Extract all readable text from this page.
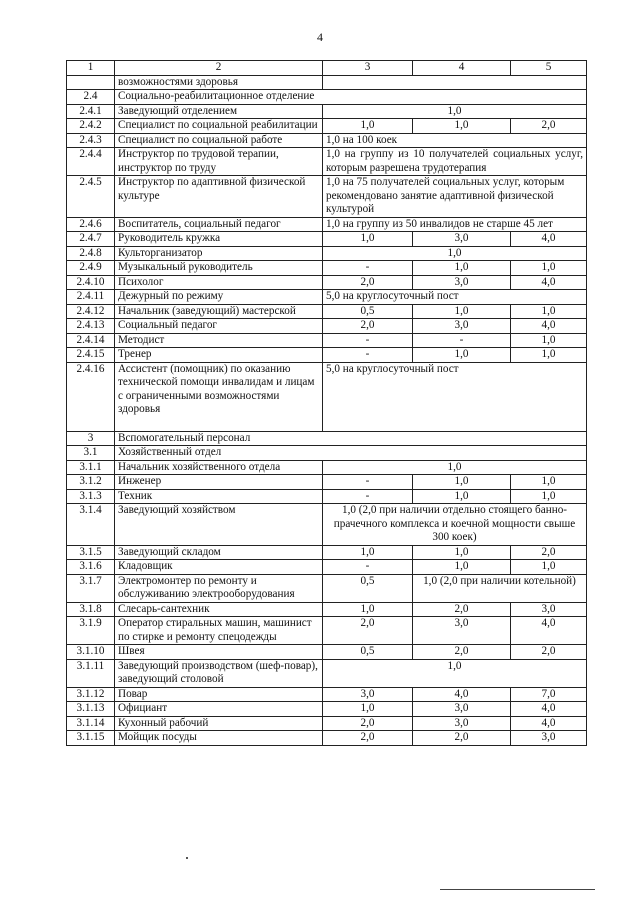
4
1	2	3	4	5
	возможностями здоровья			
2.4	Социально-реабилитационное отделение			
2.4.1	Заведующий отделением	1,0		
2.4.2	Специалист по социальной реабилитации	1,0	1,0	2,0
2.4.3	Специалист по социальной работе	1,0 на 100 коек		
2.4.4	Инструктор по трудовой терапии, инструктор по труду	1,0 на группу из 10 получателей социальных услуг, которым разрешена трудотерапия		
2.4.5	Инструктор по адаптивной физической культуре	1,0 на 75 получателей социальных услуг, которым рекомендовано занятие адаптивной физической культурой		
2.4.6	Воспитатель, социальный педагог	1,0 на группу из 50 инвалидов не старше 45 лет		
2.4.7	Руководитель кружка	1,0	3,0	4,0
2.4.8	Культорганизатор	1,0		
2.4.9	Музыкальный руководитель	-	1,0	1,0
2.4.10	Психолог	2,0	3,0	4,0
2.4.11	Дежурный по режиму	5,0 на круглосуточный пост		
2.4.12	Начальник (заведующий) мастерской	0,5	1,0	1,0
2.4.13	Социальный педагог	2,0	3,0	4,0
2.4.14	Методист	-	-	1,0
2.4.15	Тренер	-	1,0	1,0
2.4.16	Ассистент (помощник) по оказанию технической помощи инвалидам и лицам с ограниченными возможностями здоровья	5,0 на круглосуточный пост		
3	Вспомогательный персонал			
3.1	Хозяйственный отдел			
3.1.1	Начальник хозяйственного отдела	1,0		
3.1.2	Инженер	-	1,0	1,0
3.1.3	Техник	-	1,0	1,0
3.1.4	Заведующий хозяйством	1,0 (2,0 при наличии отдельно стоящего банно-прачечного комплекса и коечной мощности свыше 300 коек)		
3.1.5	Заведующий складом	1,0	1,0	2,0
3.1.6	Кладовщик	-	1,0	1,0
3.1.7	Электромонтер по ремонту и обслуживанию электрооборудования	0,5	1,0 (2,0 при наличии котельной)	
3.1.8	Слесарь-сантехник	1,0	2,0	3,0
3.1.9	Оператор стиральных машин, машинист по стирке и ремонту спецодежды	2,0	3,0	4,0
3.1.10	Швея	0,5	2,0	2,0
3.1.11	Заведующий производством (шеф-повар), заведующий столовой	1,0		
3.1.12	Повар	3,0	4,0	7,0
3.1.13	Официант	1,0	3,0	4,0
3.1.14	Кухонный рабочий	2,0	3,0	4,0
3.1.15	Мойщик посуды	2,0	2,0	3,0
